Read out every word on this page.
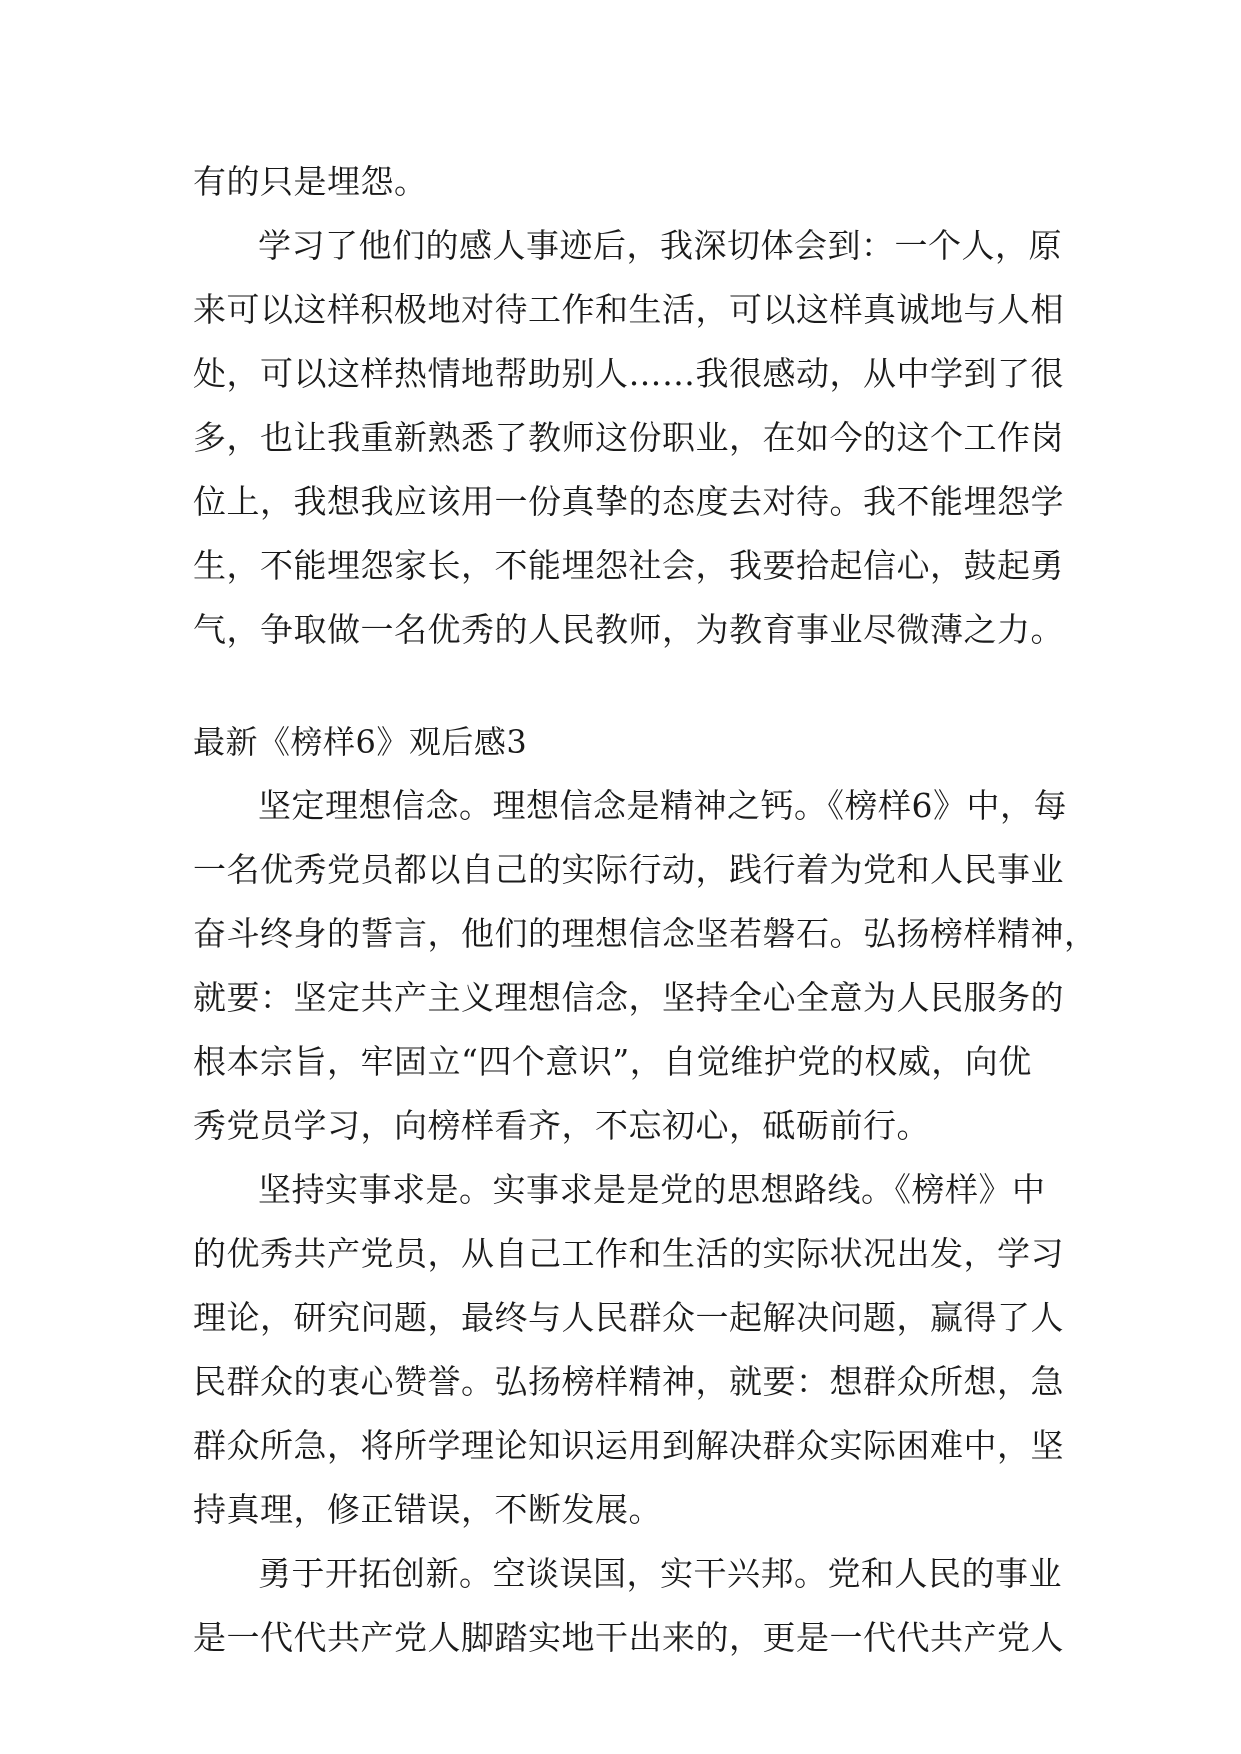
有的只是埋怨。
学习了他们的感人事迹后，我深切体会到：一个人，原
来可以这样积极地对待工作和生活，可以这样真诚地与人相
处，可以这样热情地帮助别人……我很感动，从中学到了很
多，也让我重新熟悉了教师这份职业，在如今的这个工作岗
位上，我想我应该用一份真挚的态度去对待。我不能埋怨学
生，不能埋怨家长，不能埋怨社会，我要拾起信心，鼓起勇
气，争取做一名优秀的人民教师，为教育事业尽微薄之力。
最新《榜样6》观后感3
坚定理想信念。理想信念是精神之钙。《榜样6》中，每
一名优秀党员都以自己的实际行动，践行着为党和人民事业
奋斗终身的誓言，他们的理想信念坚若磐石。弘扬榜样精神，
就要：坚定共产主义理想信念，坚持全心全意为人民服务的
根本宗旨，牢固立“四个意识”，自觉维护党的权威，向优
秀党员学习，向榜样看齐，不忘初心，砥砺前行。
坚持实事求是。实事求是是党的思想路线。《榜样》中
的优秀共产党员，从自己工作和生活的实际状况出发，学习
理论，研究问题，最终与人民群众一起解决问题，赢得了人
民群众的衷心赞誉。弘扬榜样精神，就要：想群众所想，急
群众所急，将所学理论知识运用到解决群众实际困难中，坚
持真理，修正错误，不断发展。
勇于开拓创新。空谈误国，实干兴邦。党和人民的事业
是一代代共产党人脚踏实地干出来的，更是一代代共产党人
